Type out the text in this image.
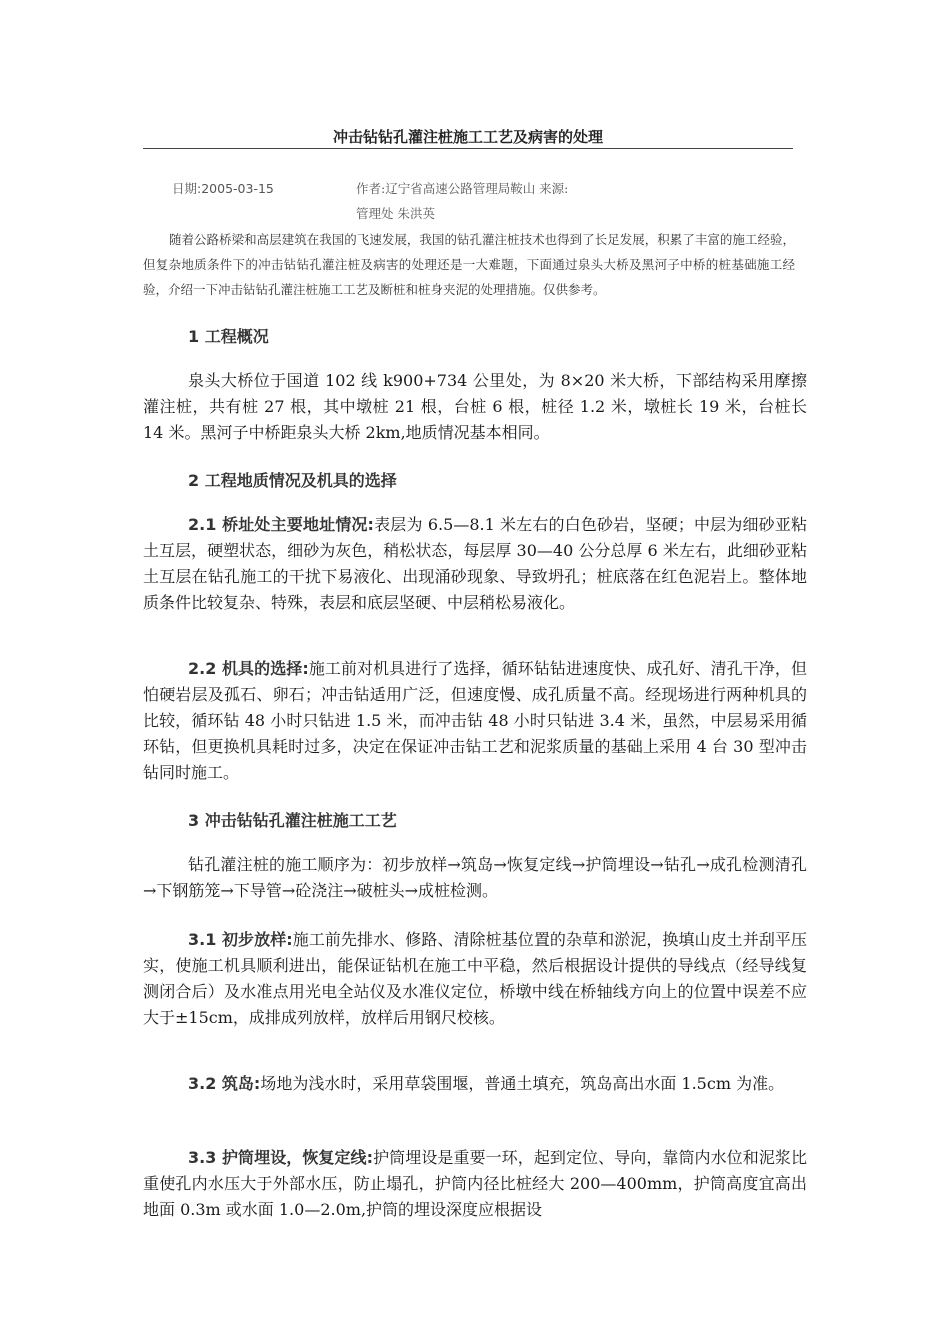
冲击钻钻孔灌注桩施工工艺及病害的处理
日期:2005-03-15	作者:辽宁省高速公路管理局鞍山 来源:
管理处 朱洪英
随着公路桥梁和高层建筑在我国的飞速发展，我国的钻孔灌注桩技术也得到了长足发展，积累了丰富的施工经验，但复杂地质条件下的冲击钻钻孔灌注桩及病害的处理还是一大难题，下面通过泉头大桥及黑河子中桥的桩基础施工经验，介绍一下冲击钻钻孔灌注桩施工工艺及断桩和桩身夹泥的处理措施。仅供参考。
1 工程概况
泉头大桥位于国道 102 线 k900+734 公里处，为 8×20 米大桥，下部结构采用摩擦灌注桩，共有桩 27 根，其中墩桩 21 根，台桩 6 根，桩径 1.2 米，墩桩长 19 米，台桩长 14 米。黑河子中桥距泉头大桥 2km,地质情况基本相同。
2 工程地质情况及机具的选择
2.1 桥址处主要地址情况:表层为 6.5—8.1 米左右的白色砂岩，坚硬；中层为细砂亚粘土互层，硬塑状态，细砂为灰色，稍松状态，每层厚 30—40 公分总厚 6 米左右，此细砂亚粘土互层在钻孔施工的干扰下易液化、出现涌砂现象、导致坍孔；桩底落在红色泥岩上。整体地质条件比较复杂、特殊，表层和底层坚硬、中层稍松易液化。
2.2 机具的选择:施工前对机具进行了选择，循环钻钻进速度快、成孔好、清孔干净，但怕硬岩层及孤石、卵石；冲击钻适用广泛，但速度慢、成孔质量不高。经现场进行两种机具的比较，循环钻 48 小时只钻进 1.5 米，而冲击钻 48 小时只钻进 3.4 米，虽然，中层易采用循环钻，但更换机具耗时过多，决定在保证冲击钻工艺和泥浆质量的基础上采用 4 台 30 型冲击钻同时施工。
3 冲击钻钻孔灌注桩施工工艺
钻孔灌注桩的施工顺序为：初步放样→筑岛→恢复定线→护筒埋设→钻孔→成孔检测清孔→下钢筋笼→下导管→砼浇注→破桩头→成桩检测。
3.1 初步放样:施工前先排水、修路、清除桩基位置的杂草和淤泥，换填山皮土并刮平压实，使施工机具顺利进出，能保证钻机在施工中平稳，然后根据设计提供的导线点（经导线复测闭合后）及水准点用光电全站仪及水准仪定位，桥墩中线在桥轴线方向上的位置中误差不应大于±15cm，成排成列放样，放样后用钢尺校核。
3.2 筑岛:场地为浅水时，采用草袋围堰，普通土填充，筑岛高出水面 1.5cm 为准。
3.3 护筒埋设，恢复定线:护筒埋设是重要一环，起到定位、导向，靠筒内水位和泥浆比重使孔内水压大于外部水压，防止塌孔，护筒内径比桩经大 200—400mm，护筒高度宜高出地面 0.3m 或水面 1.0—2.0m,护筒的埋设深度应根据设
